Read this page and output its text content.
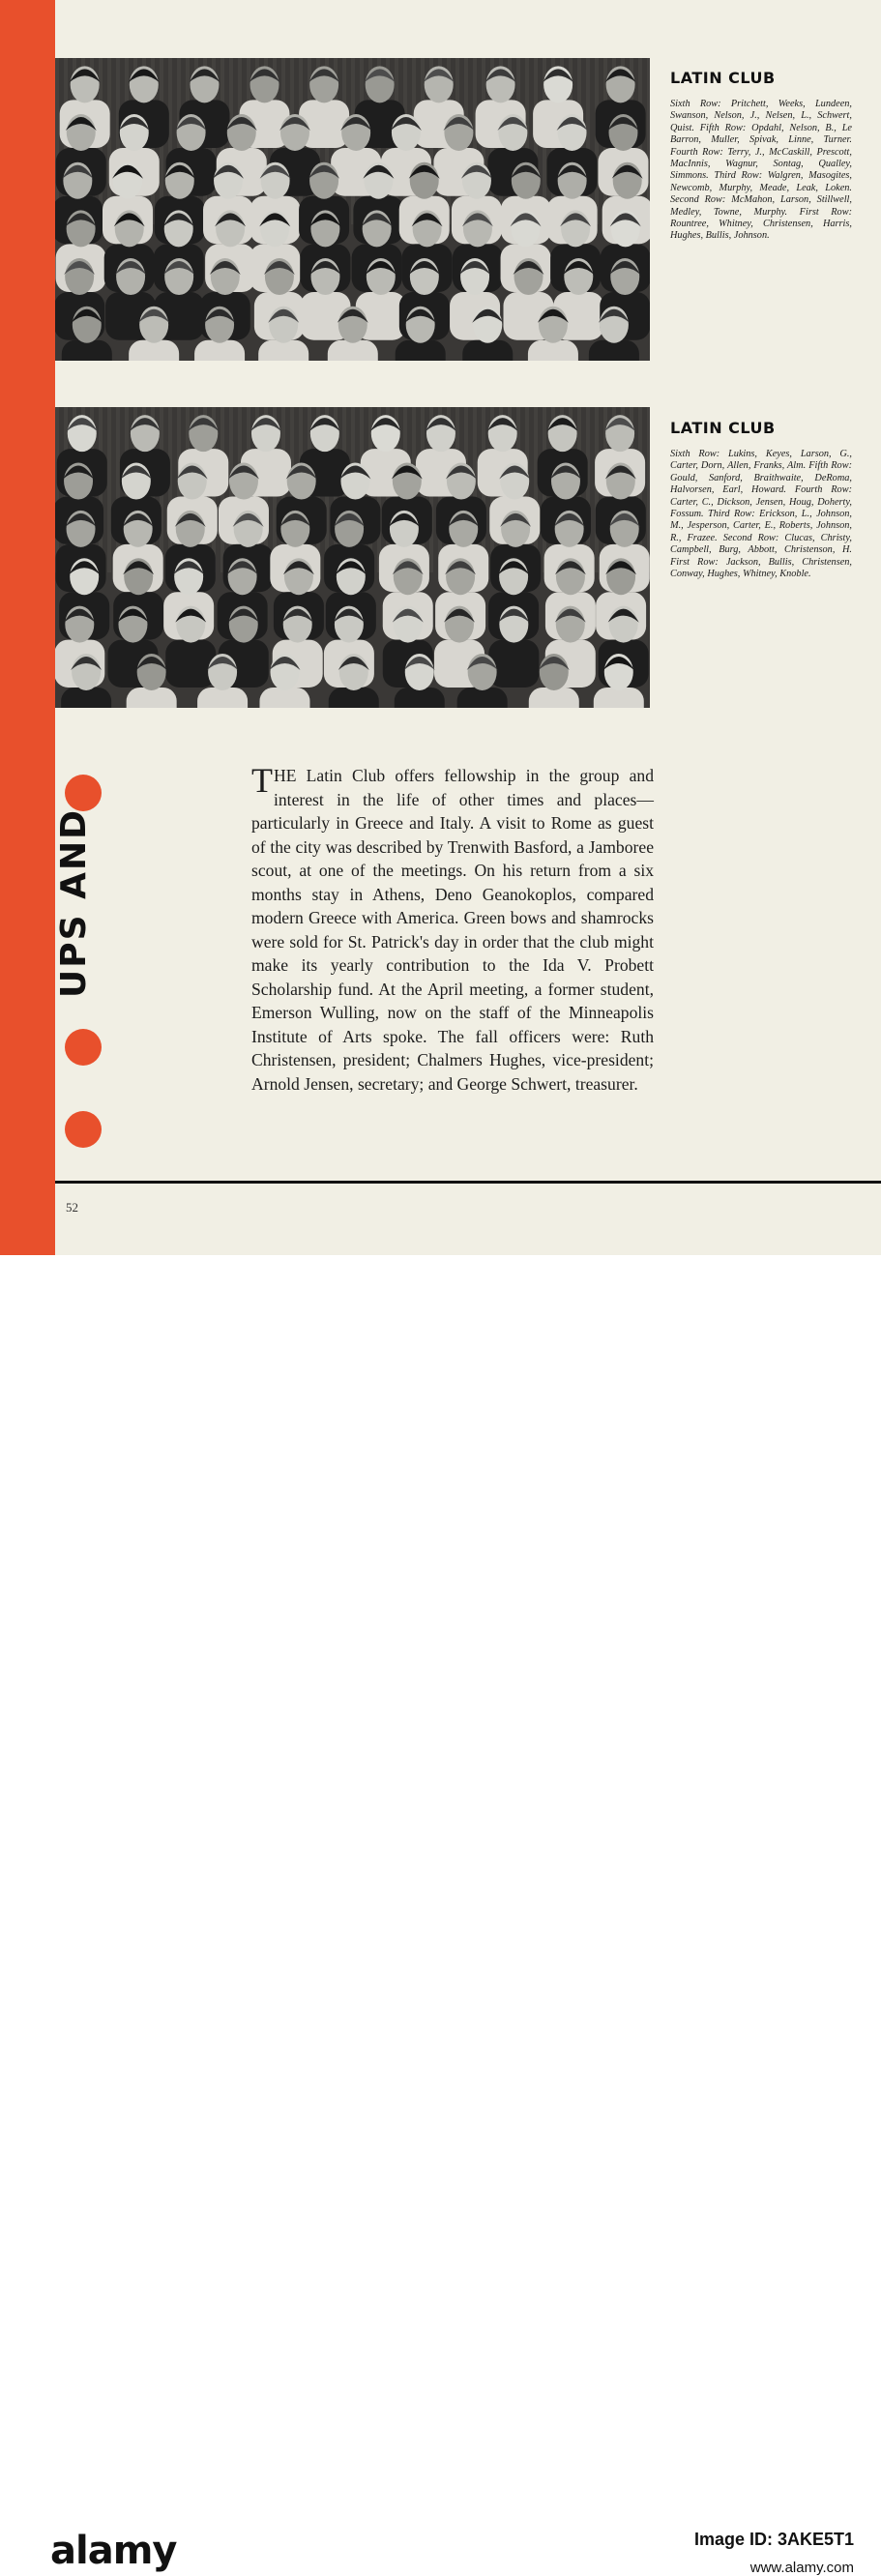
LATIN CLUB
Sixth Row: Pritchett, Weeks, Lundeen, Swanson, Nelson, J., Nelsen, L., Schwert, Quist. Fifth Row: Opdahl, Nelson, B., Le Barron, Muller, Spivak, Linne, Turner. Fourth Row: Terry, J., McCaskill, Prescott, MacInnis, Wagnur, Sontag, Qualley, Simmons. Third Row: Walgren, Masogites, Newcomb, Murphy, Meade, Leak, Loken. Second Row: McMahon, Larson, Stillwell, Medley, Towne, Murphy. First Row: Rountree, Whitney, Christensen, Harris, Hughes, Bullis, Johnson.
LATIN CLUB
Sixth Row: Lukins, Keyes, Larson, G., Carter, Dorn, Allen, Franks, Alm. Fifth Row: Gould, Sanford, Braithwaite, DeRoma, Halvorsen, Earl, Howard. Fourth Row: Carter, C., Dickson, Jensen, Houg, Doherty, Fossum. Third Row: Erickson, L., Johnson, M., Jesperson, Carter, E., Roberts, Johnson, R., Frazee. Second Row: Clucas, Christy, Campbell, Burg, Abbott, Christenson, H. First Row: Jackson, Bullis, Christensen, Conway, Hughes, Whitney, Knoble.
UPS AND
THE Latin Club offers fellowship in the group and interest in the life of other times and places—particularly in Greece and Italy. A visit to Rome as guest of the city was described by Trenwith Basford, a Jamboree scout, at one of the meetings. On his return from a six months stay in Athens, Deno Geanokoplos, compared modern Greece with America. Green bows and shamrocks were sold for St. Patrick's day in order that the club might make its yearly contribution to the Ida V. Probett Scholarship fund. At the April meeting, a former student, Emerson Wulling, now on the staff of the Minneapolis Institute of Arts spoke. The fall officers were: Ruth Christensen, president; Chalmers Hughes, vice-president; Arnold Jensen, secretary; and George Schwert, treasurer.
52
alamy	Image ID: 3AKE5T1
www.alamy.com
